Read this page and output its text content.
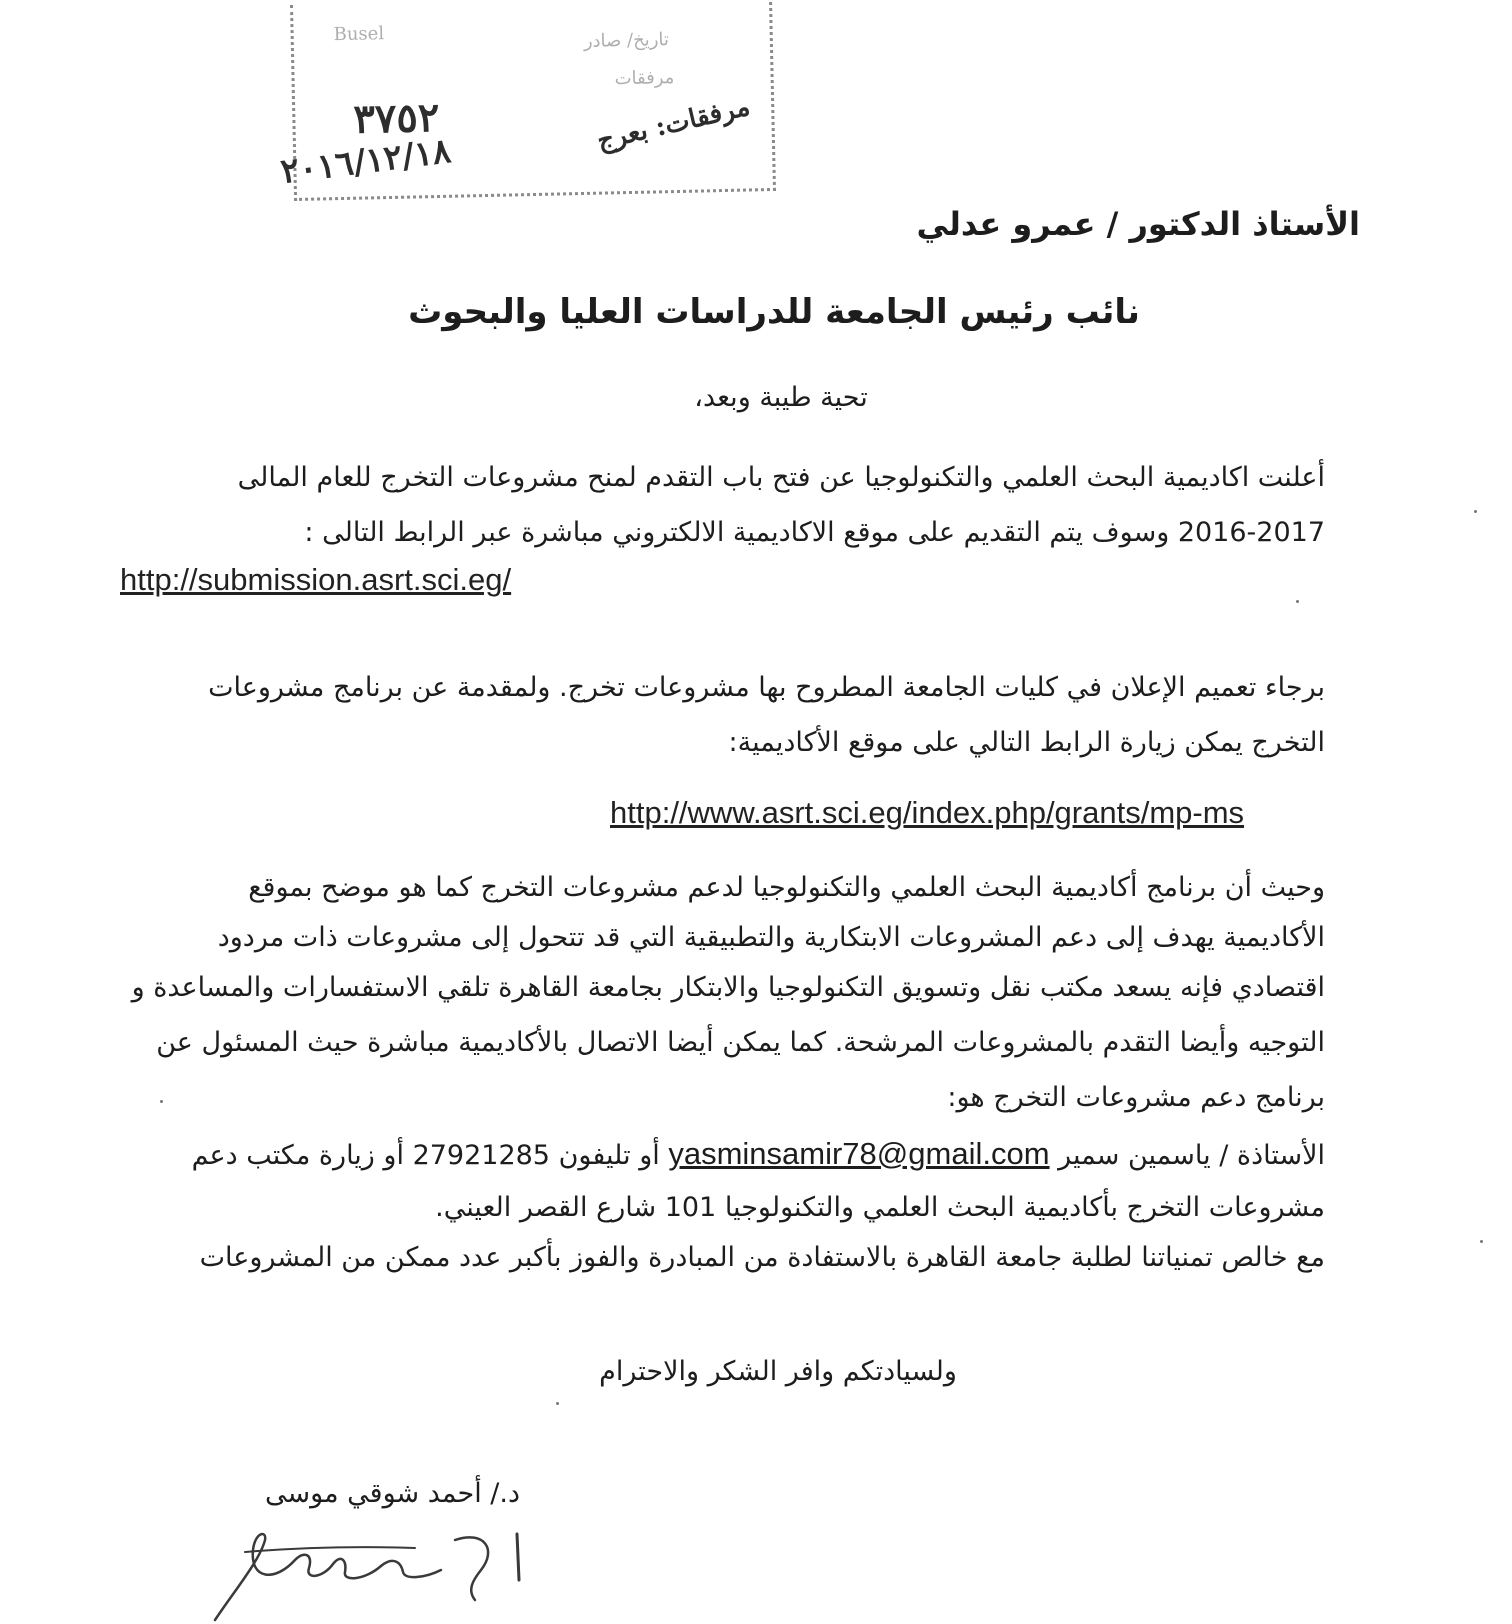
Busel	تاريخ/ صادر
مرفقات
٣٧٥٢	مرفقات: بعرج
٢٠١٦/١٢/١٨
الأستاذ الدكتور / عمرو عدلي
نائب رئيس الجامعة للدراسات العليا والبحوث
تحية طيبة وبعد،
أعلنت اكاديمية البحث العلمي والتكنولوجيا عن فتح باب التقدم لمنح مشروعات التخرج للعام المالى
2016-2017 وسوف يتم التقديم على موقع الاكاديمية الالكتروني مباشرة عبر الرابط التالى :
http://submission.asrt.sci.eg/
برجاء تعميم الإعلان في كليات الجامعة المطروح بها مشروعات تخرج. ولمقدمة عن برنامج مشروعات
التخرج يمكن زيارة الرابط التالي على موقع الأكاديمية:
http://www.asrt.sci.eg/index.php/grants/mp-ms
وحيث أن برنامج أكاديمية البحث العلمي والتكنولوجيا لدعم مشروعات التخرج كما هو موضح بموقع
الأكاديمية يهدف إلى دعم المشروعات الابتكارية والتطبيقية التي قد تتحول إلى مشروعات ذات مردود
اقتصادي فإنه يسعد مكتب نقل وتسويق التكنولوجيا والابتكار بجامعة القاهرة تلقي الاستفسارات والمساعدة و
التوجيه وأيضا التقدم بالمشروعات المرشحة. كما يمكن أيضا الاتصال بالأكاديمية مباشرة حيث المسئول عن
برنامج دعم مشروعات التخرج هو:
الأستاذة / ياسمين سمير yasminsamir78@gmail.com أو تليفون 27921285 أو زيارة مكتب دعم
مشروعات التخرج بأكاديمية البحث العلمي والتكنولوجيا 101 شارع القصر العيني.
مع خالص تمنياتنا لطلبة جامعة القاهرة بالاستفادة من المبادرة والفوز بأكبر عدد ممكن من المشروعات
ولسيادتكم وافر الشكر والاحترام
د./ أحمد شوقي موسى
